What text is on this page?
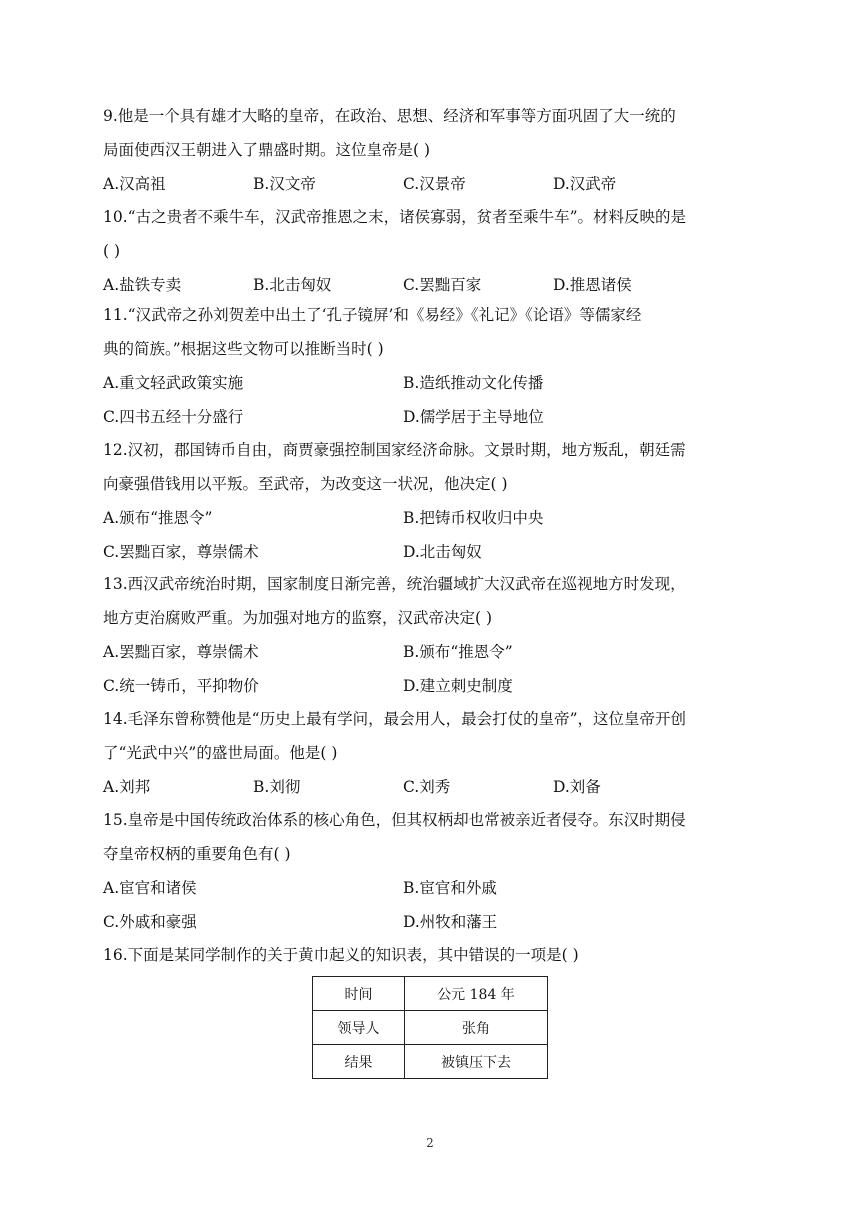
9.他是一个具有雄才大略的皇帝，在政治、思想、经济和军事等方面巩固了大一统的
局面使西汉王朝进入了鼎盛时期。这位皇帝是( )
A.汉高祖	B.汉文帝	C.汉景帝	D.汉武帝
10.“古之贵者不乘牛车，汉武帝推恩之末，诸侯寡弱，贫者至乘牛车”。材料反映的是
( )
A.盐铁专卖	B.北击匈奴	C.罢黜百家	D.推恩诸侯
11.“汉武帝之孙刘贺差中出土了‘孔子镜屏’和《易经》《礼记》《论语》等儒家经
典的简族。”根据这些文物可以推断当时( )
A.重文轻武政策实施	B.造纸推动文化传播
C.四书五经十分盛行	D.儒学居于主导地位
12.汉初，郡国铸币自由，商贾豪强控制国家经济命脉。文景时期，地方叛乱，朝廷需
向豪强借钱用以平叛。至武帝，为改变这一状况，他决定( )
A.颁布“推恩令”	B.把铸币权收归中央
C.罢黜百家，尊崇儒术	D.北击匈奴
13.西汉武帝统治时期，国家制度日渐完善，统治疆域扩大汉武帝在巡视地方时发现，
地方吏治腐败严重。为加强对地方的监察，汉武帝决定( )
A.罢黜百家，尊崇儒术	B.颁布“推恩令”
C.统一铸币，平抑物价	D.建立刺史制度
14.毛泽东曾称赞他是“历史上最有学问，最会用人，最会打仗的皇帝”，这位皇帝开创
了“光武中兴”的盛世局面。他是( )
A.刘邦	B.刘彻	C.刘秀	D.刘备
15.皇帝是中国传统政治体系的核心角色，但其权柄却也常被亲近者侵夺。东汉时期侵
夺皇帝权柄的重要角色有( )
A.宦官和诸侯	B.宦官和外戚
C.外戚和豪强	D.州牧和藩王
16.下面是某同学制作的关于黄巾起义的知识表，其中错误的一项是( )
时间	公元 184 年
领导人	张角
结果	被镇压下去
2
